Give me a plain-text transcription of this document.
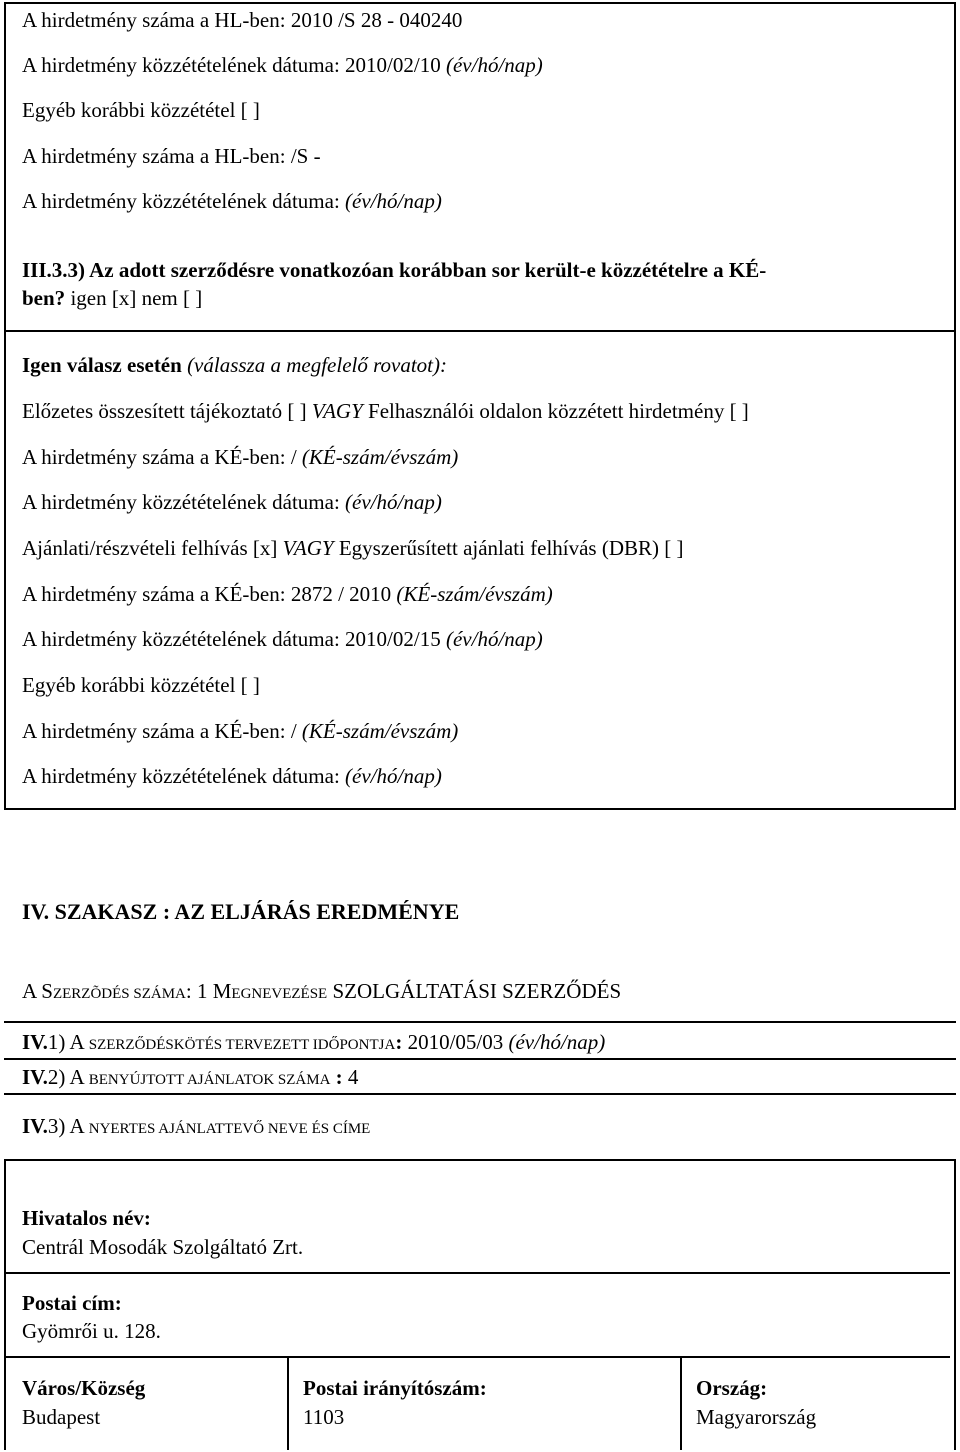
A hirdetmény száma a HL-ben: 2010 /S 28 - 040240
A hirdetmény közzétételének dátuma: 2010/02/10 (év/hó/nap)
Egyéb korábbi közzététel [ ]
A hirdetmény száma a HL-ben: /S -
A hirdetmény közzétételének dátuma: (év/hó/nap)
III.3.3) Az adott szerződésre vonatkozóan korábban sor került-e közzétételre a KÉ-
ben? igen [x] nem [ ]
Igen válasz esetén (válassza a megfelelő rovatot):
Előzetes összesített tájékoztató [ ] VAGY Felhasználói oldalon közzétett hirdetmény [ ]
A hirdetmény száma a KÉ-ben: / (KÉ-szám/évszám)
A hirdetmény közzétételének dátuma: (év/hó/nap)
Ajánlati/részvételi felhívás [x] VAGY Egyszerűsített ajánlati felhívás (DBR) [ ]
A hirdetmény száma a KÉ-ben: 2872 / 2010 (KÉ-szám/évszám)
A hirdetmény közzétételének dátuma: 2010/02/15 (év/hó/nap)
Egyéb korábbi közzététel [ ]
A hirdetmény száma a KÉ-ben: / (KÉ-szám/évszám)
A hirdetmény közzétételének dátuma: (év/hó/nap)
IV. SZAKASZ : AZ ELJÁRÁS EREDMÉNYE
A SZERZÕDÉS SZÁMA: 1 MEGNEVEZÉSE SZOLGÁLTATÁSI SZERZŐDÉS
IV.1) A SZERZŐDÉSKÖTÉS TERVEZETT IDŐPONTJA: 2010/05/03 (év/hó/nap)
IV.2) A BENYÚJTOTT AJÁNLATOK SZÁMA : 4
IV.3) A NYERTES AJÁNLATTEVŐ NEVE ÉS CÍME
Hivatalos név:
Centrál Mosodák Szolgáltató Zrt.
Postai cím:
Gyömrői u. 128.
Város/Község
Budapest
Postai irányítószám:
1103
Ország:
Magyarország
